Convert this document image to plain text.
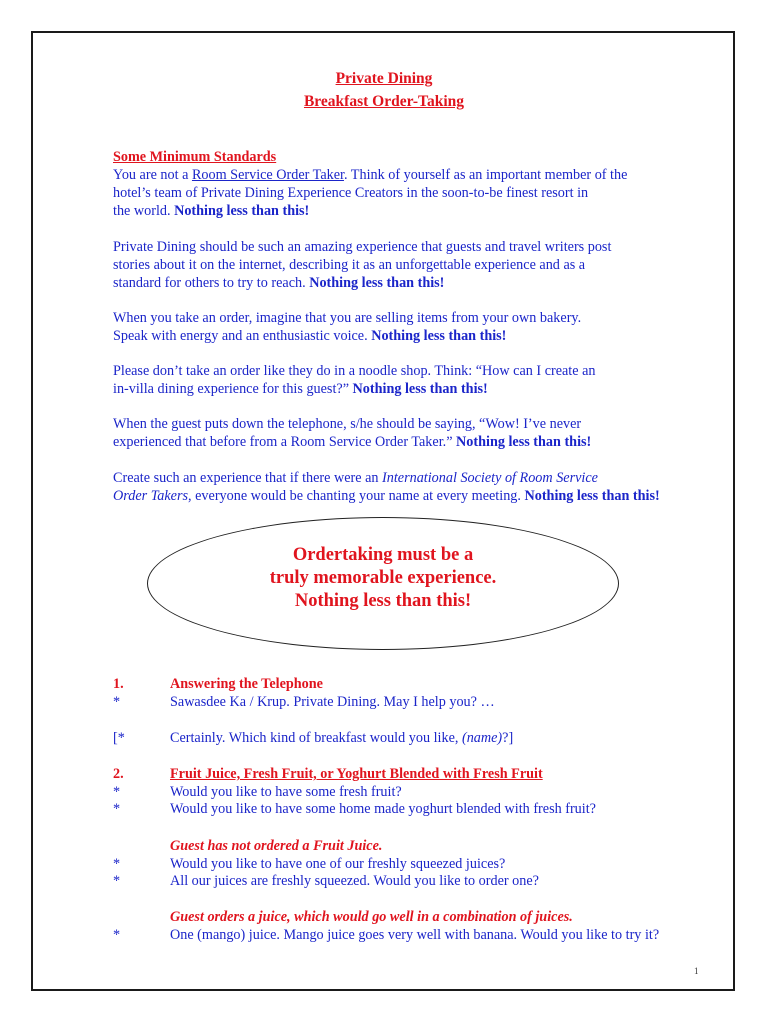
Private Dining
Breakfast Order-Taking
Some Minimum Standards
You are not a Room Service Order Taker. Think of yourself as an important member of the
hotel’s team of Private Dining Experience Creators in the soon-to-be finest resort in
the world. Nothing less than this!
Private Dining should be such an amazing experience that guests and travel writers post
stories about it on the internet, describing it as an unforgettable experience and as a
standard for others to try to reach. Nothing less than this!
When you take an order, imagine that you are selling items from your own bakery.
Speak with energy and an enthusiastic voice. Nothing less than this!
Please don’t take an order like they do in a noodle shop. Think: “How can I create an
in-villa dining experience for this guest?” Nothing less than this!
When the guest puts down the telephone, s/he should be saying, “Wow! I’ve never
experienced that before from a Room Service Order Taker.” Nothing less than this!
Create such an experience that if there were an International Society of Room Service
Order Takers, everyone would be chanting your name at every meeting. Nothing less than this!
Ordertaking must be a
truly memorable experience.
Nothing less than this!
1.	Answering the Telephone
*	Sawasdee Ka / Krup. Private Dining. May I help you? …
[*	Certainly. Which kind of breakfast would you like, (name)?]
2.	Fruit Juice, Fresh Fruit, or Yoghurt Blended with Fresh Fruit
*	Would you like to have some fresh fruit?
*	Would you like to have some home made yoghurt blended with fresh fruit?
Guest has not ordered a Fruit Juice.
*	Would you like to have one of our freshly squeezed juices?
*	All our juices are freshly squeezed. Would you like to order one?
Guest orders a juice, which would go well in a combination of juices.
*	One (mango) juice. Mango juice goes very well with banana. Would you like to try it?
1
